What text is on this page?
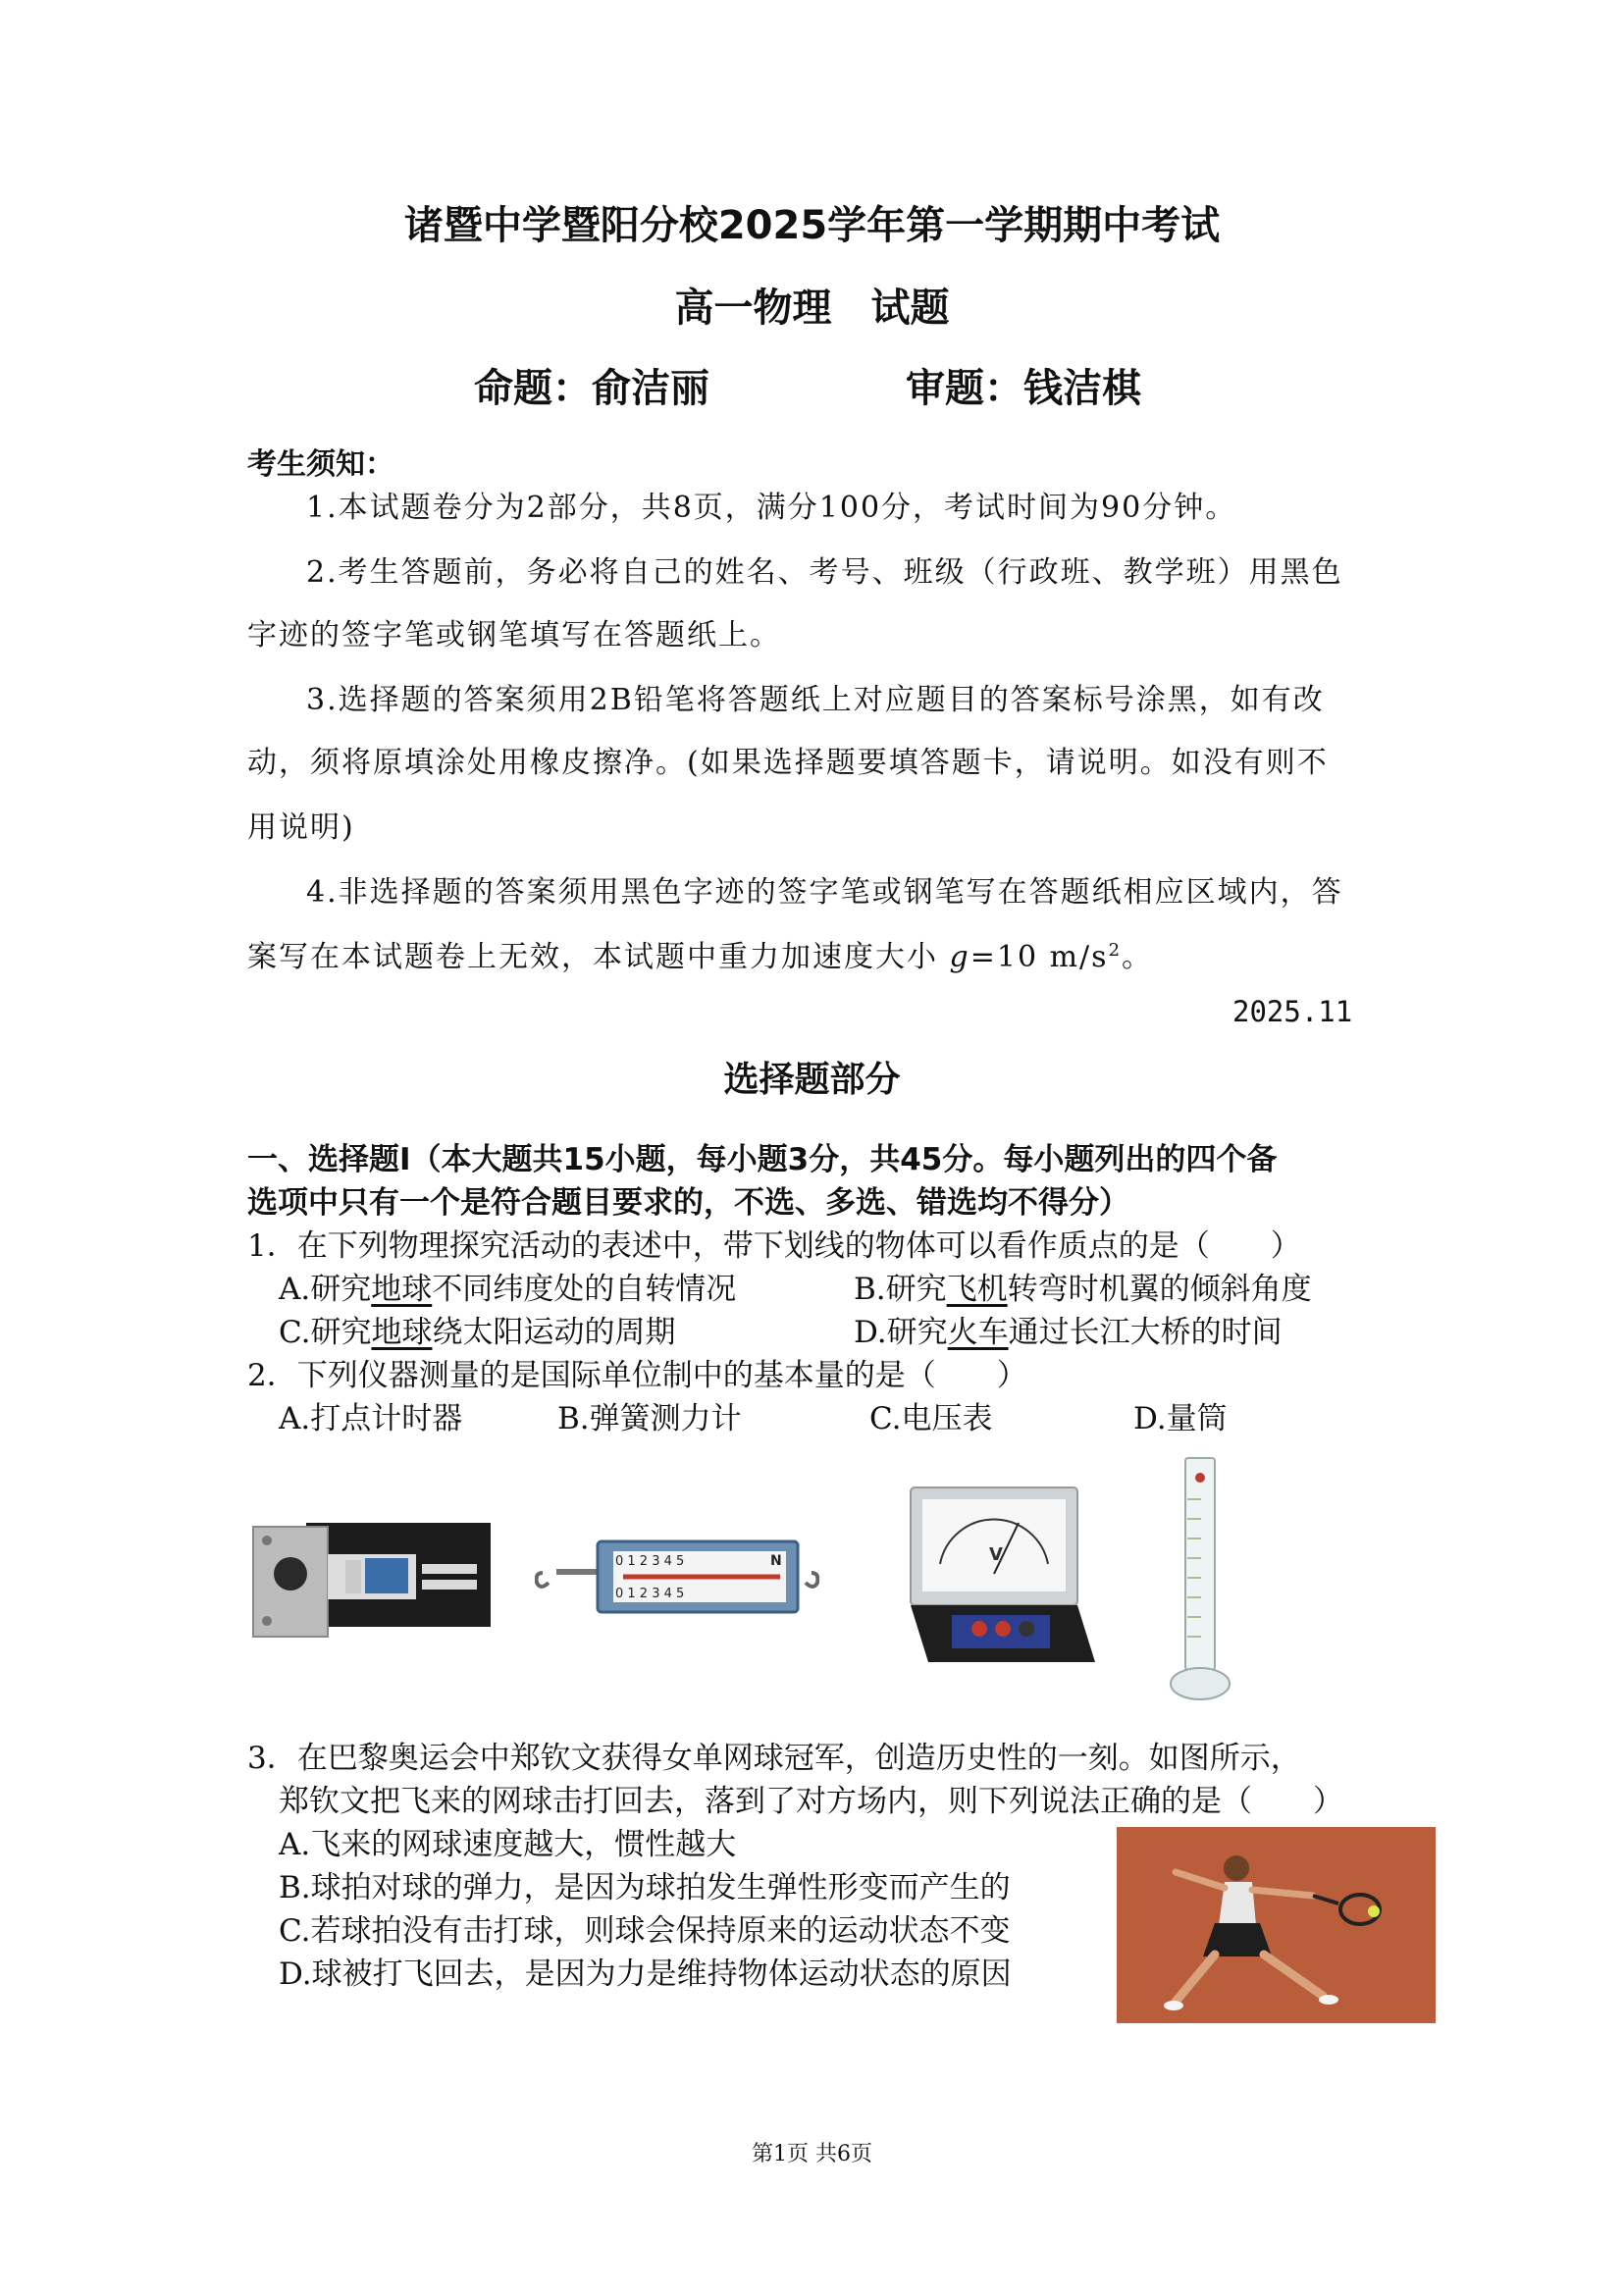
诸暨中学暨阳分校2025学年第一学期期中考试
高一物理　试题
命题：俞洁丽	审题：钱洁棋
考生须知：
1.本试题卷分为2部分，共8页，满分100分，考试时间为90分钟。
2.考生答题前，务必将自己的姓名、考号、班级（行政班、教学班）用黑色
字迹的签字笔或钢笔填写在答题纸上。
3.选择题的答案须用2B铅笔将答题纸上对应题目的答案标号涂黑，如有改
动，须将原填涂处用橡皮擦净。(如果选择题要填答题卡，请说明。如没有则不
用说明)
4.非选择题的答案须用黑色字迹的签字笔或钢笔写在答题纸相应区域内，答
案写在本试题卷上无效，本试题中重力加速度大小 g=10 $m/s^2$。
2025.11
选择题部分
一、选择题Ⅰ（本大题共15小题，每小题3分，共45分。每小题列出的四个备
选项中只有一个是符合题目要求的，不选、多选、错选均不得分）
1．在下列物理探究活动的表述中，带下划线的物体可以看作质点的是（　　）
A.研究地球不同纬度处的自转情况	B.研究飞机转弯时机翼的倾斜角度
C.研究地球绕太阳运动的周期	D.研究火车通过长江大桥的时间
2．下列仪器测量的是国际单位制中的基本量的是（　　）
A.打点计时器	B.弹簧测力计	C.电压表	D.量筒
0 1 2 3 4 5
0 1 2 3 4 5
N	V
3．在巴黎奥运会中郑钦文获得女单网球冠军，创造历史性的一刻。如图所示，
郑钦文把飞来的网球击打回去，落到了对方场内，则下列说法正确的是（　　）
A.飞来的网球速度越大，惯性越大
B.球拍对球的弹力，是因为球拍发生弹性形变而产生的
C.若球拍没有击打球，则球会保持原来的运动状态不变
D.球被打飞回去，是因为力是维持物体运动状态的原因
第1页 共6页
